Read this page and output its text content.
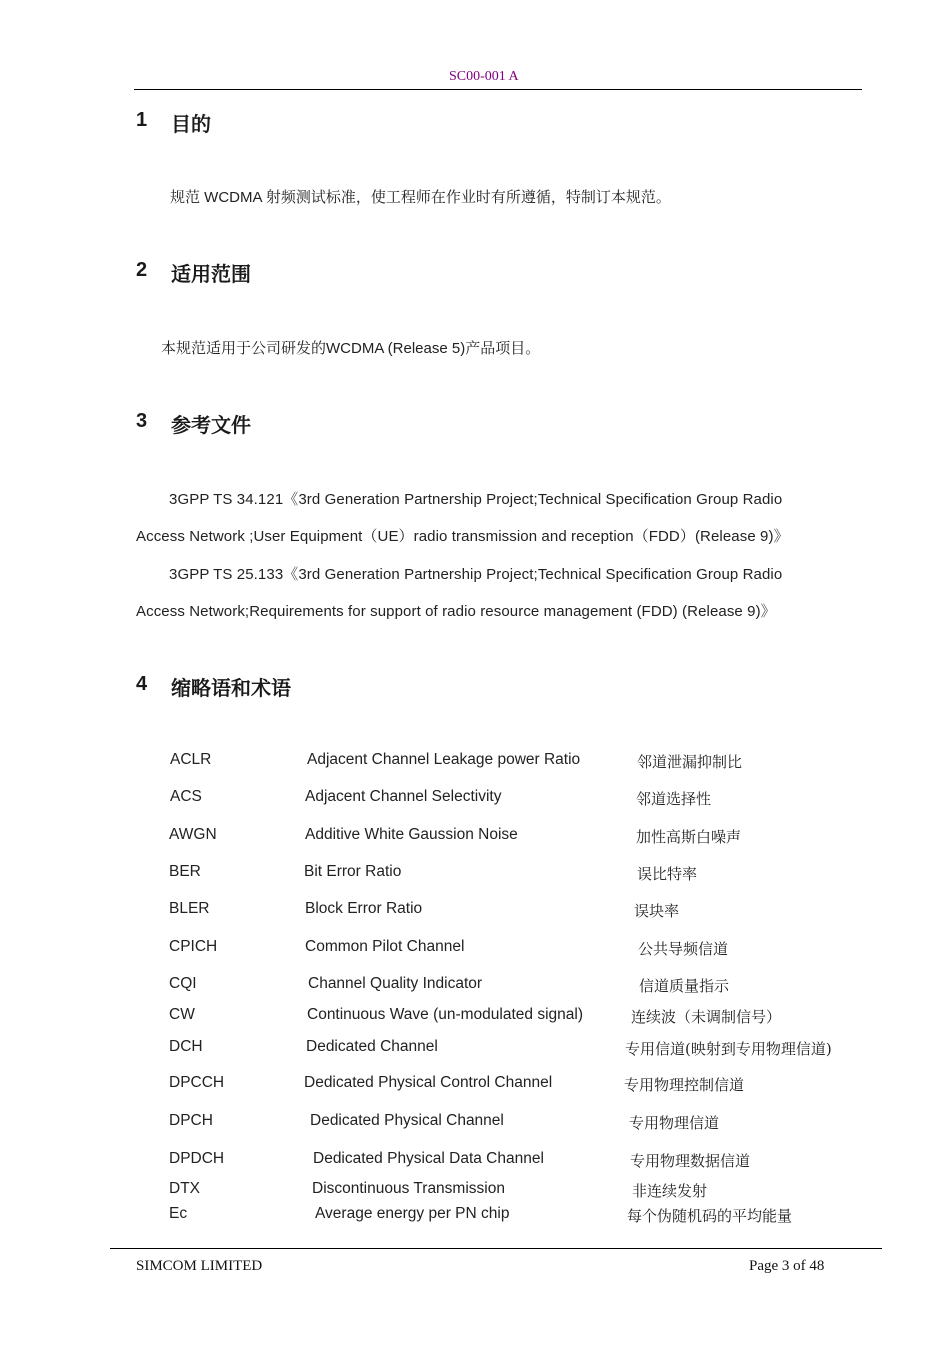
SC00-001 A
1 目的
规范 WCDMA 射频测试标准，使工程师在作业时有所遵循，特制订本规范。
2 适用范围
本规范适用于公司研发的WCDMA (Release 5)产品项目。
3 参考文件
3GPP TS 34.121《3rd Generation Partnership Project;Technical Specification Group Radio
Access Network ;User Equipment（UE）radio transmission and reception（FDD）(Release 9)》
3GPP TS 25.133《3rd Generation Partnership Project;Technical Specification Group Radio
Access Network;Requirements for support of radio resource management (FDD) (Release 9)》
4 缩略语和术语
ACLR	Adjacent Channel Leakage power Ratio	邻道泄漏抑制比
ACS	Adjacent Channel Selectivity	邻道选择性
AWGN	Additive White Gaussion Noise	加性高斯白噪声
BER	Bit Error Ratio	误比特率
BLER	Block Error Ratio	误块率
CPICH	Common Pilot Channel	公共导频信道
CQI	Channel Quality Indicator	信道质量指示
CW	Continuous Wave (un-modulated signal)	连续波（未调制信号）
DCH	Dedicated Channel	专用信道(映射到专用物理信道)
DPCCH	Dedicated Physical Control Channel	专用物理控制信道
DPCH	Dedicated Physical Channel	专用物理信道
DPDCH	Dedicated Physical Data Channel	专用物理数据信道
DTX	Discontinuous Transmission	非连续发射
Ec	Average energy per PN chip	每个伪随机码的平均能量
SIMCOM LIMITED	Page 3 of 48
